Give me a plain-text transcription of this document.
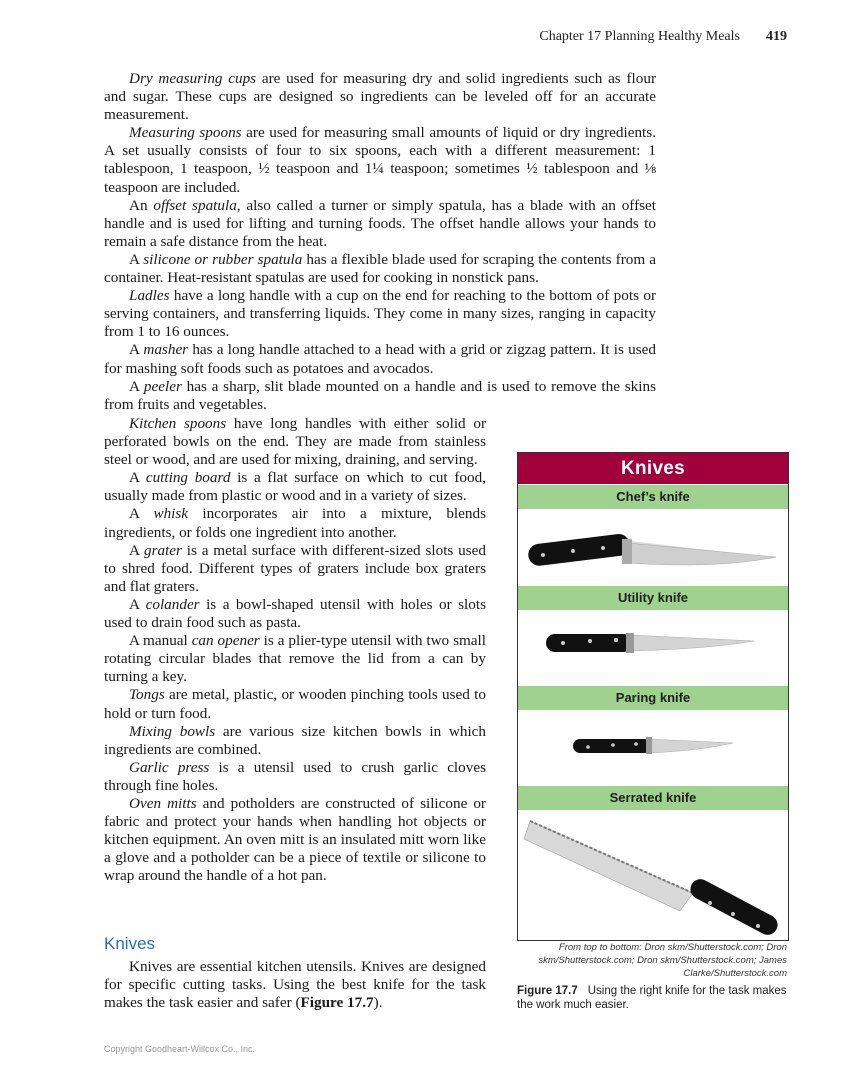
Chapter 17 Planning Healthy Meals 419

Dry measuring cups are used for measuring dry and solid ingredients such as flour and sugar. These cups are designed so ingredients can be leveled off for an accurate measurement.

Measuring spoons are used for measuring small amounts of liquid or dry ingredients. A set usually consists of four to six spoons, each with a different measurement: 1 tablespoon, 1 teaspoon, ½ teaspoon and 1¼ teaspoon; sometimes ½ tablespoon and ⅛ teaspoon are included.

An offset spatula, also called a turner or simply spatula, has a blade with an offset handle and is used for lifting and turning foods. The offset handle allows your hands to remain a safe distance from the heat.

A silicone or rubber spatula has a flexible blade used for scraping the contents from a container. Heat-resistant spatulas are used for cooking in nonstick pans.

Ladles have a long handle with a cup on the end for reaching to the bottom of pots or serving containers, and transferring liquids. They come in many sizes, ranging in capacity from 1 to 16 ounces.

A masher has a long handle attached to a head with a grid or zigzag pattern. It is used for mashing soft foods such as potatoes and avocados.

A peeler has a sharp, slit blade mounted on a handle and is used to remove the skins from fruits and vegetables.

Kitchen spoons have long handles with either solid or perforated bowls on the end. They are made from stainless steel or wood, and are used for mixing, draining, and serving.

A cutting board is a flat surface on which to cut food, usually made from plastic or wood and in a variety of sizes.

A whisk incorporates air into a mixture, blends ingredients, or folds one ingredient into another.

A grater is a metal surface with different-sized slots used to shred food. Different types of graters include box graters and flat graters.

A colander is a bowl-shaped utensil with holes or slots used to drain food such as pasta.

A manual can opener is a plier-type utensil with two small rotating circular blades that remove the lid from a can by turning a key.

Tongs are metal, plastic, or wooden pinching tools used to hold or turn food.

Mixing bowls are various size kitchen bowls in which ingredients are combined.

Garlic press is a utensil used to crush garlic cloves through fine holes.

Oven mitts and potholders are constructed of silicone or fabric and protect your hands when handling hot objects or kitchen equipment. An oven mitt is an insulated mitt worn like a glove and a potholder can be a piece of textile or silicone to wrap around the handle of a hot pan.

Knives

Knives are essential kitchen utensils. Knives are designed for specific cutting tasks. Using the best knife for the task makes the task easier and safer (Figure 17.7).

Knives
Chef’s knife
Utility knife
Paring knife
Serrated knife
From top to bottom: Dron skm/Shutterstock.com; Dron skm/Shutterstock.com; Dron skm/Shutterstock.com; James Clarke/Shutterstock.com
Figure 17.7 Using the right knife for the task makes the work much easier.
Copyright Goodheart-Willcox Co., Inc.
